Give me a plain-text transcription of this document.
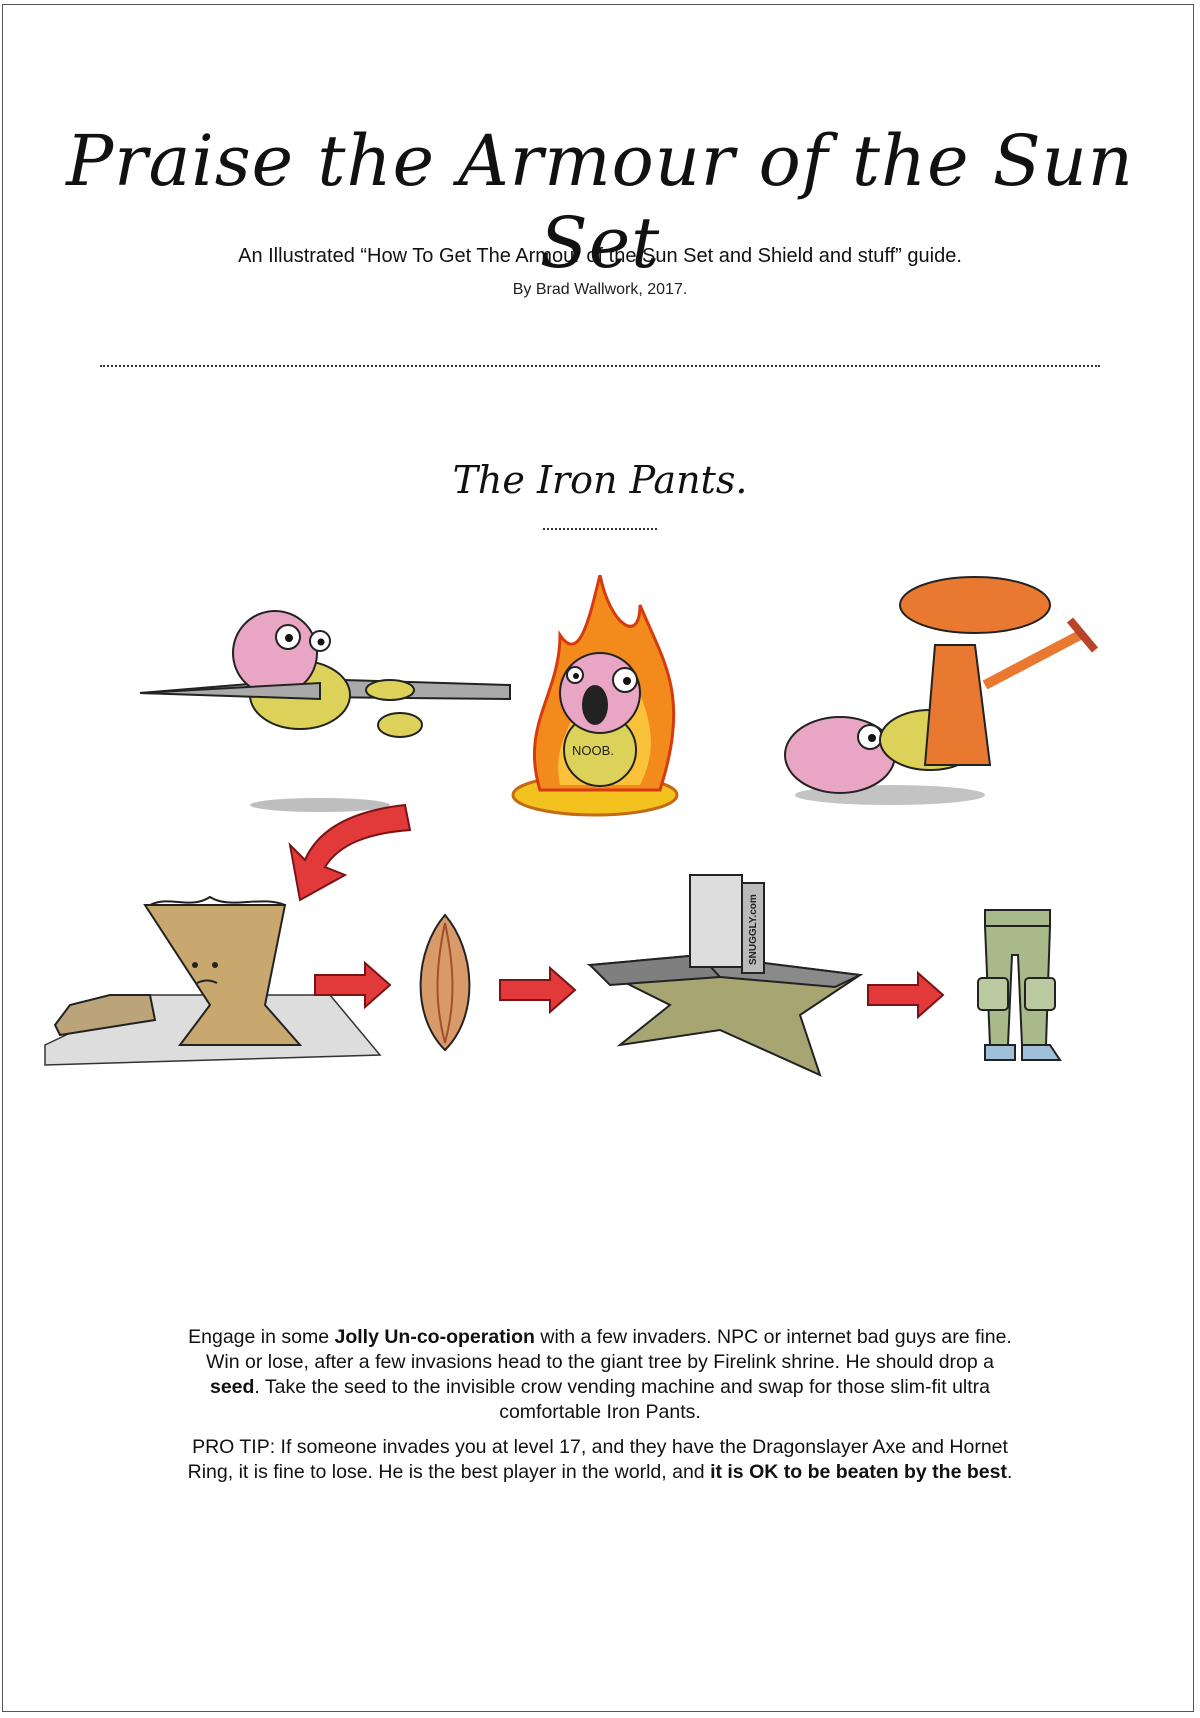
Praise the Armour of the Sun Set
An Illustrated “How To Get The Armour of the Sun Set and Shield and stuff” guide.
By Brad Wallwork, 2017.
The Iron Pants.
NOOB.
SNUGGLY.com

Engage in some Jolly Un-co-operation with a few invaders. NPC or internet bad guys are fine. Win or lose, after a few invasions head to the giant tree by Firelink shrine. He should drop a seed. Take the seed to the invisible crow vending machine and swap for those slim-fit ultra comfortable Iron Pants.

PRO TIP: If someone invades you at level 17, and they have the Dragonslayer Axe and Hornet Ring, it is fine to lose. He is the best player in the world, and it is OK to be beaten by the best.
